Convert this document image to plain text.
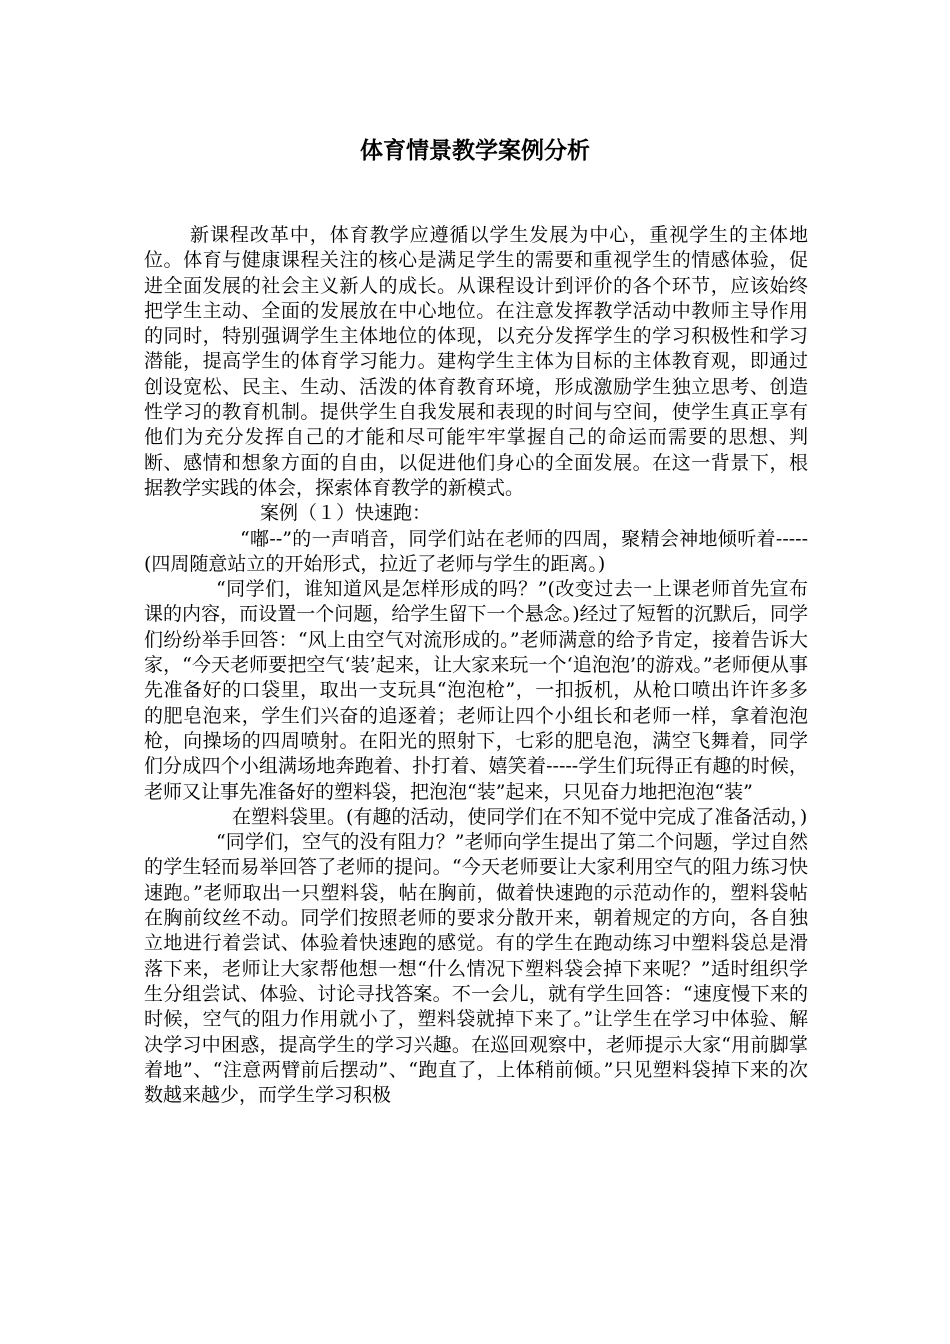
体育情景教学案例分析

新课程改革中，体育教学应遵循以学生发展为中心，重视学生的主体地位。体育与健康课程关注的核心是满足学生的需要和重视学生的情感体验，促进全面发展的社会主义新人的成长。从课程设计到评价的各个环节，应该始终把学生主动、全面的发展放在中心地位。在注意发挥教学活动中教师主导作用的同时，特别强调学生主体地位的体现，以充分发挥学生的学习积极性和学习潜能，提高学生的体育学习能力。建构学生主体为目标的主体教育观，即通过创设宽松、民主、生动、活泼的体育教育环境，形成激励学生独立思考、创造性学习的教育机制。提供学生自我发展和表现的时间与空间，使学生真正享有他们为充分发挥自己的才能和尽可能牢牢掌握自己的命运而需要的思想、判断、感情和想象方面的自由，以促进他们身心的全面发展。在这一背景下，根据教学实践的体会，探索体育教学的新模式。

案例（１）快速跑：

“嘟--”的一声哨音，同学们站在老师的四周，聚精会神地倾听着-----(四周随意站立的开始形式，拉近了老师与学生的距离。)

“同学们，谁知道风是怎样形成的吗？”(改变过去一上课老师首先宣布课的内容，而设置一个问题，给学生留下一个悬念。)经过了短暂的沉默后，同学们纷纷举手回答：“风上由空气对流形成的。”老师满意的给予肯定，接着告诉大家，“今天老师要把空气‘装’起来，让大家来玩一个‘追泡泡’的游戏。”老师便从事先准备好的口袋里，取出一支玩具“泡泡枪”，一扣扳机，从枪口喷出许许多多的肥皂泡来，学生们兴奋的追逐着；老师让四个小组长和老师一样，拿着泡泡枪，向操场的四周喷射。在阳光的照射下，七彩的肥皂泡，满空飞舞着，同学们分成四个小组满场地奔跑着、扑打着、嬉笑着-----学生们玩得正有趣的时候，老师又让事先准备好的塑料袋，把泡泡“装”起来，只见奋力地把泡泡“装”

在塑料袋里。(有趣的活动，使同学们在不知不觉中完成了准备活动，)

“同学们，空气的没有阻力？”老师向学生提出了第二个问题，学过自然的学生轻而易举回答了老师的提问。“今天老师要让大家利用空气的阻力练习快速跑。”老师取出一只塑料袋，帖在胸前，做着快速跑的示范动作的，塑料袋帖在胸前纹丝不动。同学们按照老师的要求分散开来，朝着规定的方向，各自独立地进行着尝试、体验着快速跑的感觉。有的学生在跑动练习中塑料袋总是滑落下来，老师让大家帮他想一想“什么情况下塑料袋会掉下来呢？”适时组织学生分组尝试、体验、讨论寻找答案。不一会儿，就有学生回答：“速度慢下来的时候，空气的阻力作用就小了，塑料袋就掉下来了。”让学生在学习中体验、解决学习中困惑，提高学生的学习兴趣。在巡回观察中，老师提示大家“用前脚掌着地”、“注意两臂前后摆动”、“跑直了，上体稍前倾。”只见塑料袋掉下来的次数越来越少，而学生学习积极
